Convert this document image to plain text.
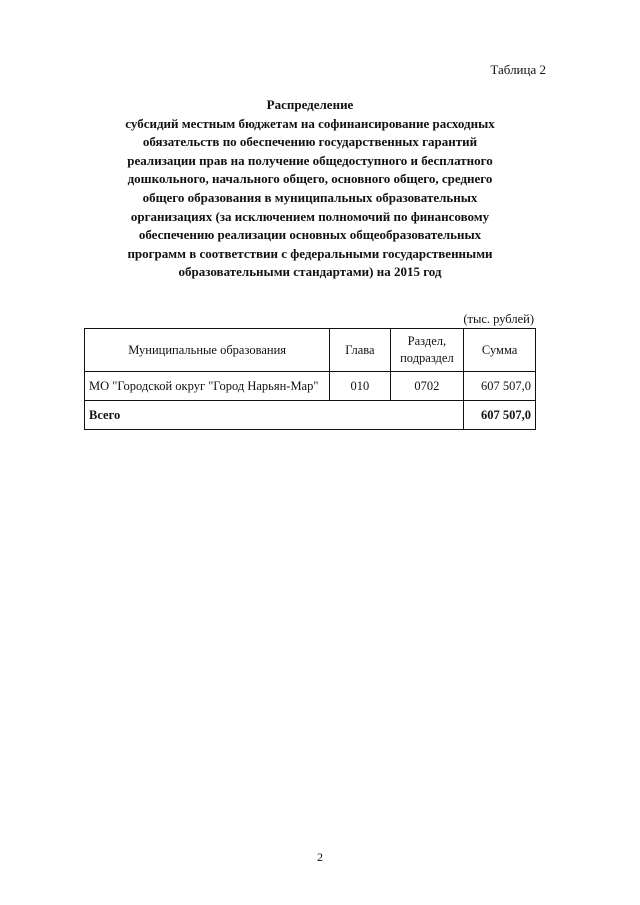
Таблица 2
Распределение
субсидий местным бюджетам на софинансирование расходных
обязательств по обеспечению государственных гарантий
реализации прав на получение общедоступного и бесплатного
дошкольного, начального общего, основного общего, среднего
общего образования в муниципальных образовательных
организациях (за исключением полномочий по финансовому
обеспечению реализации основных общеобразовательных
программ в соответствии с федеральными государственными
образовательными стандартами) на 2015 год
(тыс. рублей)
Муниципальные образования	Глава	Раздел, подраздел	Сумма
МО "Городской округ "Город Нарьян-Мар"	010	0702	607 507,0
Всего			607 507,0
2
